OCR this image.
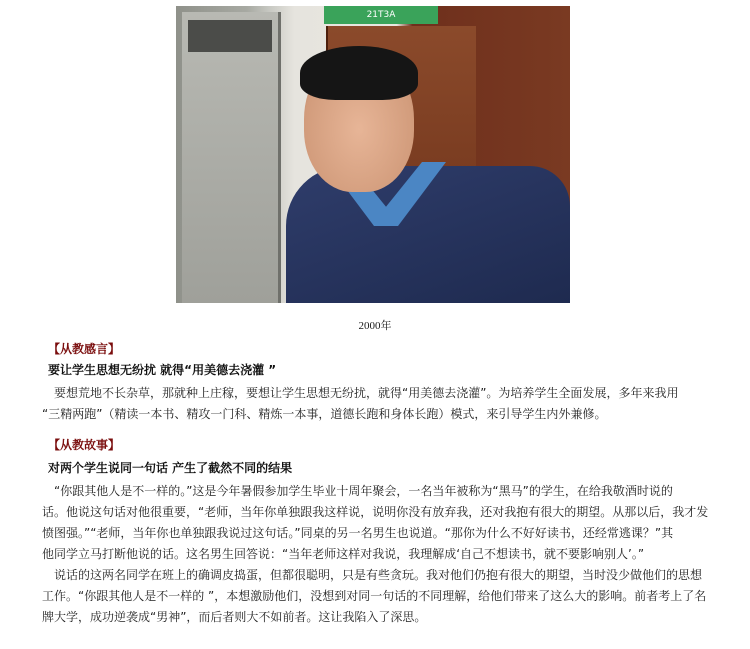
21T3A
2000年
【从教感言】
要让学生思想无纷扰 就得“用美德去浇灌 ”
要想荒地不长杂草，那就种上庄稼，要想让学生思想无纷扰，就得“用美德去浇灌”。为培养学生全面发展，多年来我用
“三精两跑”（精读一本书、精攻一门科、精炼一本事，道德长跑和身体长跑）模式，来引导学生内外兼修。
【从教故事】
对两个学生说同一句话 产生了截然不同的结果
“你跟其他人是不一样的。”这是今年暑假参加学生毕业十周年聚会，一名当年被称为“黑马”的学生，在给我敬酒时说的
话。他说这句话对他很重要，“老师，当年你单独跟我这样说，说明你没有放弃我，还对我抱有很大的期望。从那以后，我才发
愤图强。”“老师，当年你也单独跟我说过这句话。”同桌的另一名男生也说道。“那你为什么不好好读书，还经常逃课？”其
他同学立马打断他说的话。这名男生回答说：“当年老师这样对我说，我理解成‘自己不想读书，就不要影响别人’。”
说话的这两名同学在班上的确调皮捣蛋，但都很聪明，只是有些贪玩。我对他们仍抱有很大的期望，当时没少做他们的思想
工作。“你跟其他人是不一样的 ”，本想激励他们，没想到对同一句话的不同理解，给他们带来了这么大的影响。前者考上了名
牌大学，成功逆袭成“男神”，而后者则大不如前者。这让我陷入了深思。
